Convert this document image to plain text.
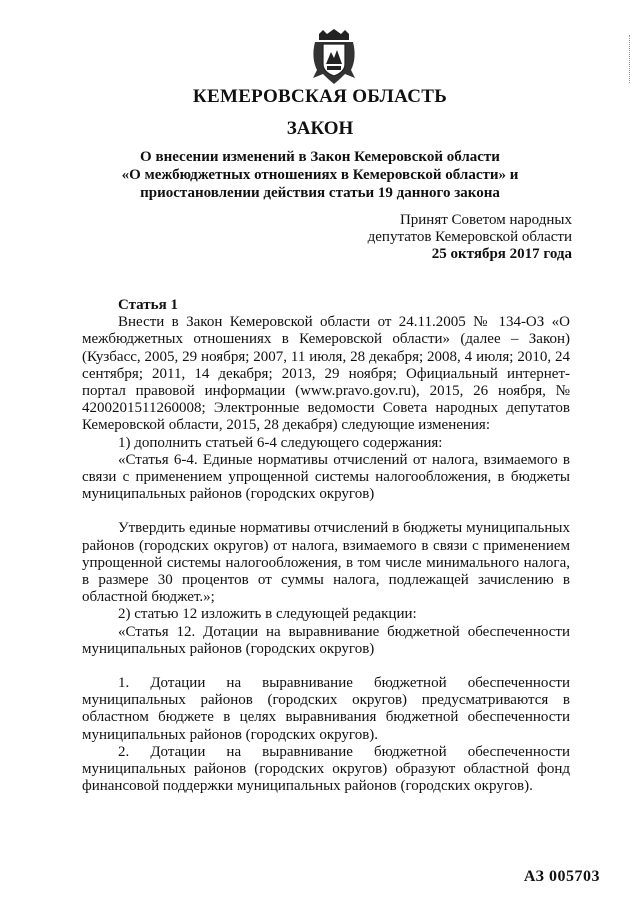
КЕМЕРОВСКАЯ ОБЛАСТЬ
ЗАКОН
О внесении изменений в Закон Кемеровской области
«О межбюджетных отношениях в Кемеровской области» и
приостановлении действия статьи 19 данного закона
Принят Советом народных
депутатов Кемеровской области
25 октября 2017 года

Статья 1

Внести в Закон Кемеровской области от 24.11.2005 № 134-ОЗ «О межбюджетных отношениях в Кемеровской области» (далее – Закон) (Кузбасс, 2005, 29 ноября; 2007, 11 июля, 28 декабря; 2008, 4 июля; 2010, 24 сентября; 2011, 14 декабря; 2013, 29 ноября; Официальный интернет-портал правовой информации (www.pravo.gov.ru), 2015, 26 ноября, № 4200201511260008; Электронные ведомости Совета народных депутатов Кемеровской области, 2015, 28 декабря) следующие изменения:

1) дополнить статьей 6-4 следующего содержания:

«Статья 6-4. Единые нормативы отчислений от налога, взимаемого в связи с применением упрощенной системы налогообложения, в бюджеты муниципальных районов (городских округов)

Утвердить единые нормативы отчислений в бюджеты муниципальных районов (городских округов) от налога, взимаемого в связи с применением упрощенной системы налогообложения, в том числе минимального налога, в размере 30 процентов от суммы налога, подлежащей зачислению в областной бюджет.»;

2) статью 12 изложить в следующей редакции:

«Статья 12. Дотации на выравнивание бюджетной обеспеченности муниципальных районов (городских округов)

1. Дотации на выравнивание бюджетной обеспеченности муниципальных районов (городских округов) предусматриваются в областном бюджете в целях выравнивания бюджетной обеспеченности муниципальных районов (городских округов).

2. Дотации на выравнивание бюджетной обеспеченности муниципальных районов (городских округов) образуют областной фонд финансовой поддержки муниципальных районов (городских округов).

АЗ 005703
